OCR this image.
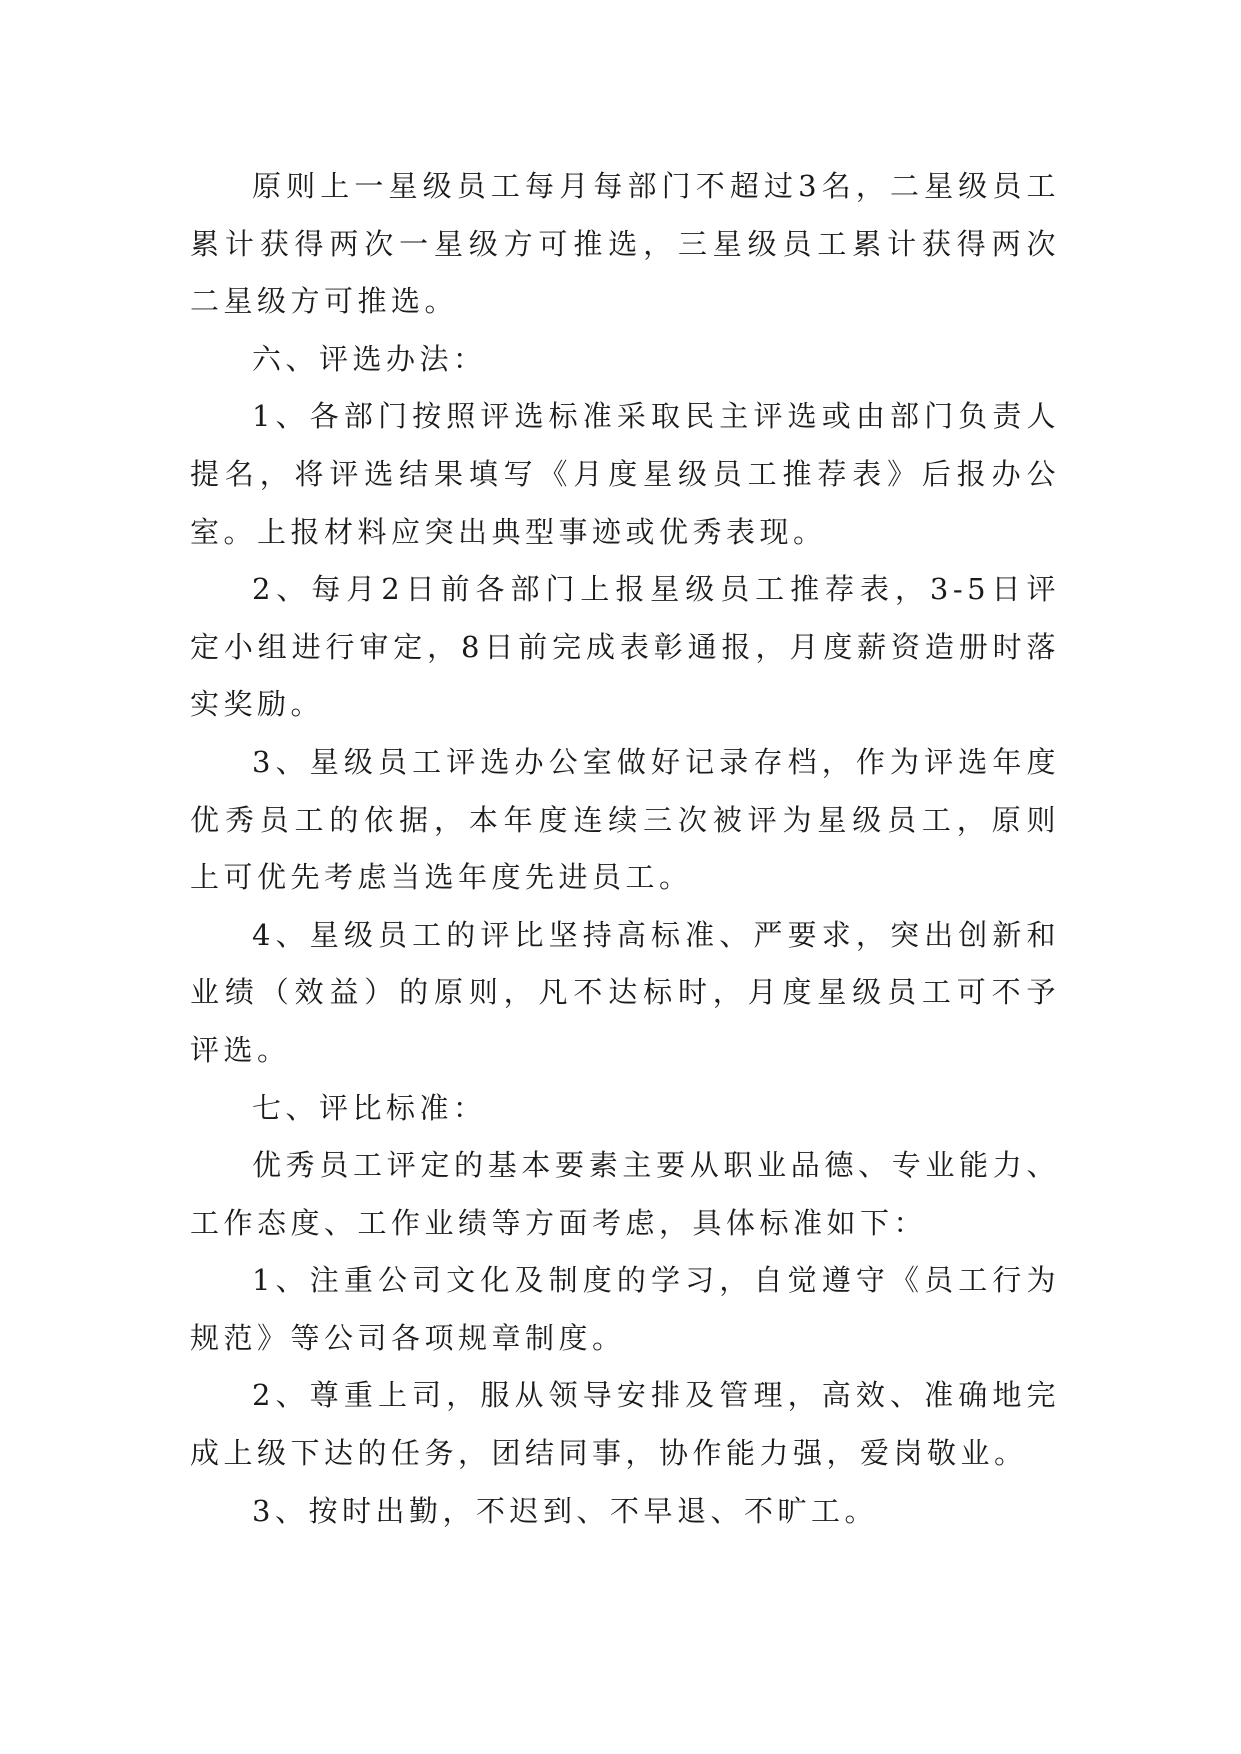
原则上一星级员工每月每部门不超过3名，二星级员工累计获得两次一星级方可推选，三星级员工累计获得两次二星级方可推选。

六、评选办法：

1、各部门按照评选标准采取民主评选或由部门负责人提名，将评选结果填写《月度星级员工推荐表》后报办公室。上报材料应突出典型事迹或优秀表现。

2、每月2日前各部门上报星级员工推荐表，3-5日评定小组进行审定，8日前完成表彰通报，月度薪资造册时落实奖励。

3、星级员工评选办公室做好记录存档，作为评选年度优秀员工的依据，本年度连续三次被评为星级员工，原则上可优先考虑当选年度先进员工。

4、星级员工的评比坚持高标准、严要求，突出创新和业绩（效益）的原则，凡不达标时，月度星级员工可不予评选。

七、评比标准：

优秀员工评定的基本要素主要从职业品德、专业能力、工作态度、工作业绩等方面考虑，具体标准如下：

1、注重公司文化及制度的学习，自觉遵守《员工行为规范》等公司各项规章制度。

2、尊重上司，服从领导安排及管理，高效、准确地完成上级下达的任务，团结同事，协作能力强，爱岗敬业。

3、按时出勤，不迟到、不早退、不旷工。
